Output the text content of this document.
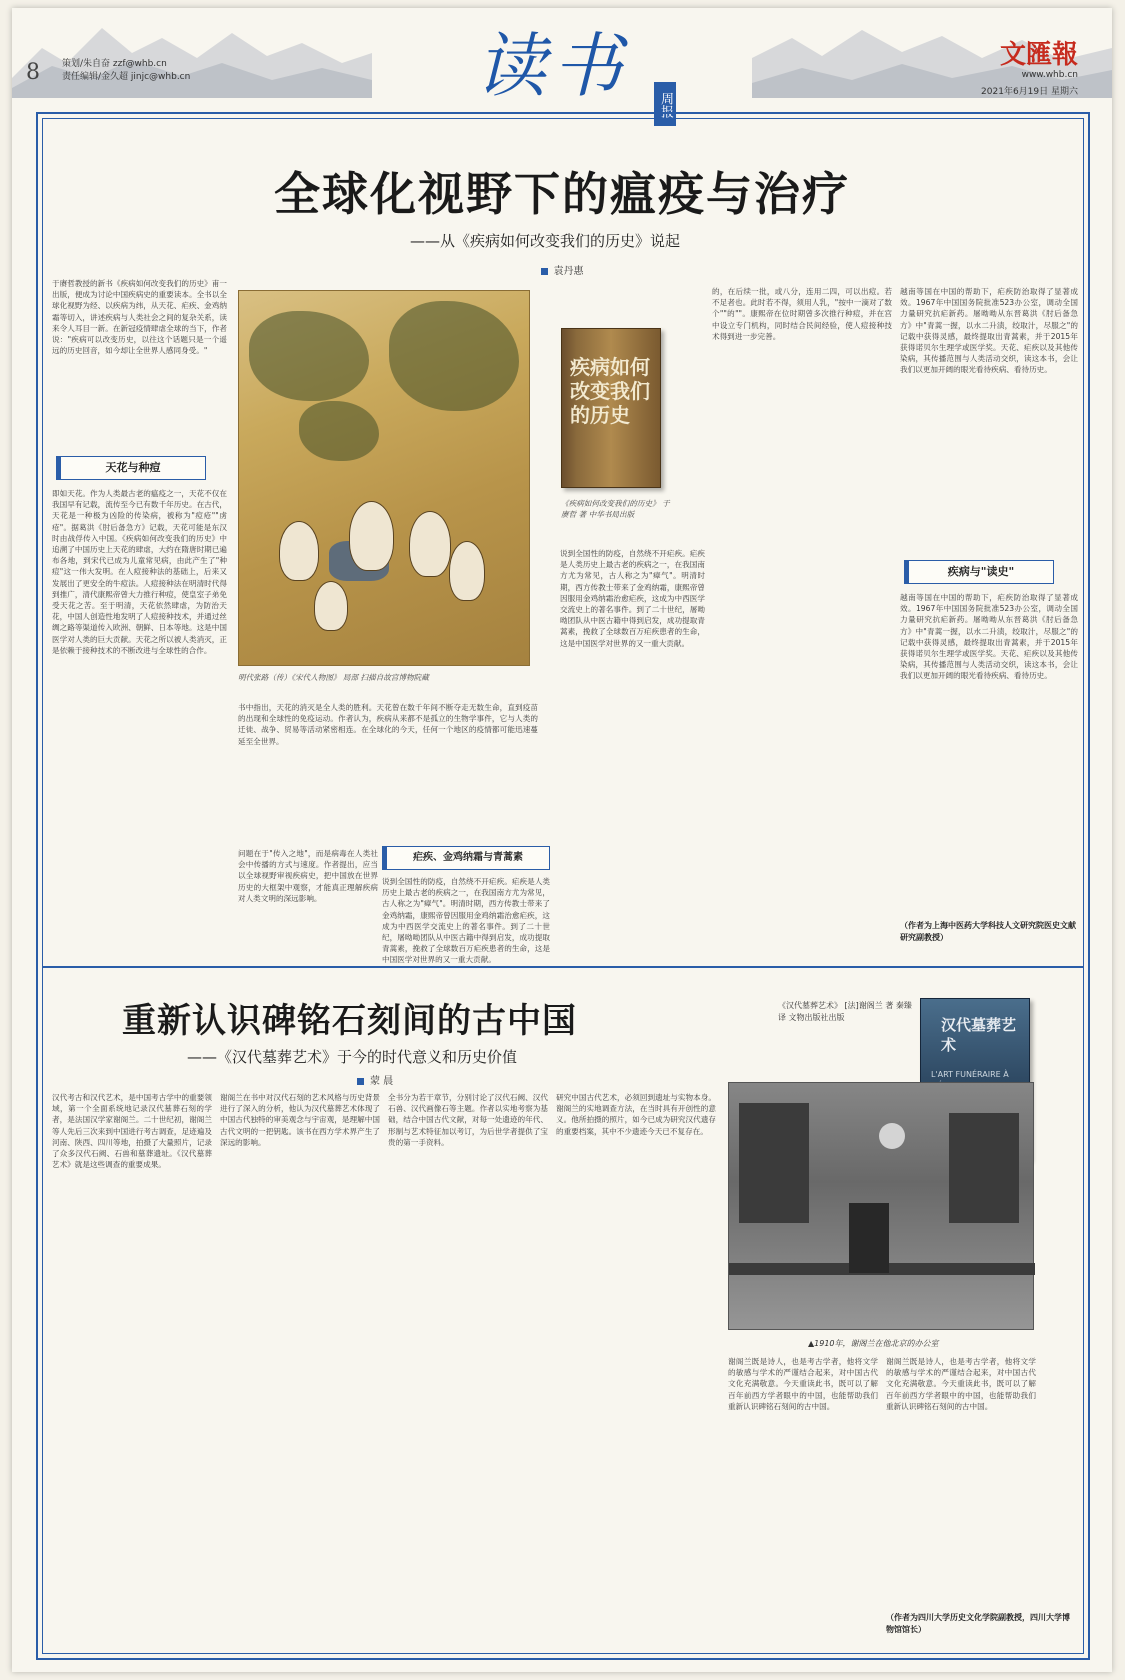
8 策划/朱自奋 zzf@whb.cn
责任编辑/金久超 jinjc@whb.cn	读书	周报
文匯報
www.whb.cn
2021年6月19日 星期六
全球化视野下的瘟疫与治疗
——从《疾病如何改变我们的历史》说起
袁丹惠
于赓哲教授的新书《疾病如何改变我们的历史》甫一出版，便成为讨论中国疾病史的重要读本。全书以全球化视野为经、以疾病为纬，从天花、疟疾、金鸡纳霜等切入，讲述疾病与人类社会之间的复杂关系，读来令人耳目一新。在新冠疫情肆虐全球的当下，作者说："疾病可以改变历史，以往这个话题只是一个遥远的历史回音，如今却让全世界人感同身受。"
天花与种痘
即如天花。作为人类最古老的瘟疫之一，天花不仅在我国早有记载，流传至今已有数千年历史。在古代，天花是一种极为凶险的传染病，被称为"痘疮""虏疮"。据葛洪《肘后备急方》记载，天花可能是东汉时由战俘传入中国。《疾病如何改变我们的历史》中追溯了中国历史上天花的肆虐，大约在隋唐时期已遍布各地，到宋代已成为儿童常见病，由此产生了"种痘"这一伟大发明。在人痘接种法的基础上，后来又发展出了更安全的牛痘法。人痘接种法在明清时代得到推广，清代康熙帝曾大力推行种痘，使皇室子弟免受天花之苦。至于明清，天花依然肆虐，为防治天花，中国人创造性地发明了人痘接种技术，并通过丝绸之路等渠道传入欧洲、朝鲜、日本等地。这是中国医学对人类的巨大贡献。天花之所以被人类消灭，正是依赖于接种技术的不断改进与全球性的合作。
明代张路（传）《宋代人物图》 局部 扫描自故宫博物院藏
疾病如何改变我们的历史
《疾病如何改变我们的历史》 于赓哲 著 中华书局出版
书中指出，天花的消灭是全人类的胜利。天花曾在数千年间不断夺走无数生命，直到疫苗的出现和全球性的免疫运动。作者认为，疾病从来都不是孤立的生物学事件，它与人类的迁徙、战争、贸易等活动紧密相连。在全球化的今天，任何一个地区的疫情都可能迅速蔓延至全世界。
问题在于"传入之地"，而是病毒在人类社会中传播的方式与速度。作者提出，应当以全球视野审视疾病史，把中国放在世界历史的大框架中观察，才能真正理解疾病对人类文明的深远影响。
疟疾、金鸡纳霜与青蒿素
说到全国性的防疫，自然绕不开疟疾。疟疾是人类历史上最古老的疾病之一，在我国南方尤为常见，古人称之为"瘴气"。明清时期，西方传教士带来了金鸡纳霜，康熙帝曾因服用金鸡纳霜治愈疟疾，这成为中西医学交流史上的著名事件。到了二十世纪，屠呦呦团队从中医古籍中得到启发，成功提取青蒿素，挽救了全球数百万疟疾患者的生命，这是中国医学对世界的又一重大贡献。
说到全国性的防疫，自然绕不开疟疾。疟疾是人类历史上最古老的疾病之一，在我国南方尤为常见，古人称之为"瘴气"。明清时期，西方传教士带来了金鸡纳霜，康熙帝曾因服用金鸡纳霜治愈疟疾，这成为中西医学交流史上的著名事件。到了二十世纪，屠呦呦团队从中医古籍中得到启发，成功提取青蒿素，挽救了全球数百万疟疾患者的生命，这是中国医学对世界的又一重大贡献。
的，在后续一批，或八分，连用二四，可以出痘。若不足者也。此时若不得，须用人乳，"按中一滴对了数个""的""。康熙帝在位时期曾多次推行种痘，并在宫中设立专门机构，同时结合民间经验，使人痘接种技术得到进一步完善。
越南等国在中国的帮助下，疟疾防治取得了显著成效。1967年中国国务院批准523办公室，调动全国力量研究抗疟新药。屠呦呦从东晋葛洪《肘后备急方》中"青蒿一握，以水二升渍，绞取汁，尽服之"的记载中获得灵感，最终提取出青蒿素，并于2015年获得诺贝尔生理学或医学奖。天花、疟疾以及其他传染病，其传播范围与人类活动交织，读这本书，会让我们以更加开阔的眼光看待疾病、看待历史。
疾病与"读史"
越南等国在中国的帮助下，疟疾防治取得了显著成效。1967年中国国务院批准523办公室，调动全国力量研究抗疟新药。屠呦呦从东晋葛洪《肘后备急方》中"青蒿一握，以水二升渍，绞取汁，尽服之"的记载中获得灵感，最终提取出青蒿素，并于2015年获得诺贝尔生理学或医学奖。天花、疟疾以及其他传染病，其传播范围与人类活动交织，读这本书，会让我们以更加开阔的眼光看待疾病、看待历史。
（作者为上海中医药大学科技人文研究院医史文献研究副教授）
重新认识碑铭石刻间的古中国
——《汉代墓葬艺术》于今的时代意义和历史价值
蒙 晨
《汉代墓葬艺术》 [法]谢阁兰 著 秦臻 译 文物出版社出版	汉代墓葬艺术
L'ART FUNÉRAIRE À
▲1910年，谢阁兰在他北京的办公室
汉代考古和汉代艺术，是中国考古学中的重要领域，第一个全面系统地记录汉代墓葬石刻的学者，是法国汉学家谢阁兰。二十世纪初，谢阁兰等人先后三次来到中国进行考古调查，足迹遍及河南、陕西、四川等地，拍摄了大量照片，记录了众多汉代石阙、石兽和墓葬遗址。《汉代墓葬艺术》就是这些调查的重要成果。
谢阁兰在书中对汉代石刻的艺术风格与历史背景进行了深入的分析，他认为汉代墓葬艺术体现了中国古代独特的审美观念与宇宙观，是理解中国古代文明的一把钥匙。该书在西方学术界产生了深远的影响。
全书分为若干章节，分别讨论了汉代石阙、汉代石兽、汉代画像石等主题。作者以实地考察为基础，结合中国古代文献，对每一处遗迹的年代、形制与艺术特征加以考订，为后世学者提供了宝贵的第一手资料。
研究中国古代艺术，必须回到遗址与实物本身。谢阁兰的实地调查方法，在当时具有开创性的意义。他所拍摄的照片，如今已成为研究汉代遗存的重要档案，其中不少遗迹今天已不复存在。
谢阁兰既是诗人，也是考古学者，他将文学的敏感与学术的严谨结合起来，对中国古代文化充满敬意。今天重读此书，既可以了解百年前西方学者眼中的中国，也能帮助我们重新认识碑铭石刻间的古中国。
谢阁兰既是诗人，也是考古学者，他将文学的敏感与学术的严谨结合起来，对中国古代文化充满敬意。今天重读此书，既可以了解百年前西方学者眼中的中国，也能帮助我们重新认识碑铭石刻间的古中国。
（作者为四川大学历史文化学院副教授，四川大学博物馆馆长）
